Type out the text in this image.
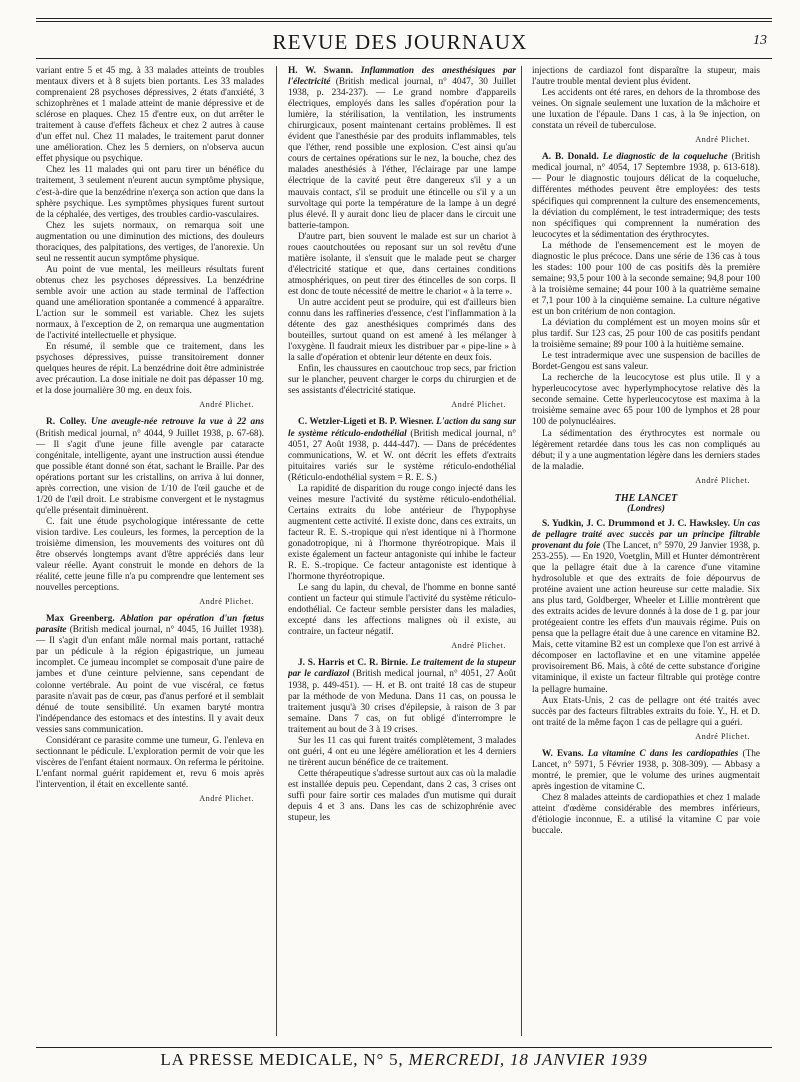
REVUE DES JOURNAUX	13

variant entre 5 et 45 mg. à 33 malades atteints de troubles mentaux divers et à 8 sujets bien portants. Les 33 malades comprenaient 28 psychoses dépressives, 2 états d'anxiété, 3 schizophrènes et 1 malade atteint de manie dépressive et de sclérose en plaques. Chez 15 d'entre eux, on dut arrêter le traitement à cause d'effets fâcheux et chez 2 autres à cause d'un effet nul. Chez 11 malades, le traitement parut donner une amélioration. Chez les 5 derniers, on n'observa aucun effet physique ou psychique.

Chez les 11 malades qui ont paru tirer un bénéfice du traitement, 3 seulement n'eurent aucun symptôme physique, c'est-à-dire que la benzédrine n'exerça son action que dans la sphère psychique. Les symptômes physiques furent surtout de la céphalée, des vertiges, des troubles cardio-vasculaires.

Chez les sujets normaux, on remarqua soit une augmentation ou une diminution des mictions, des douleurs thoraciques, des palpitations, des vertiges, de l'anorexie. Un seul ne ressentit aucun symptôme physique.

Au point de vue mental, les meilleurs résultats furent obtenus chez les psychoses dépressives. La benzédrine semble avoir une action au stade terminal de l'affection quand une amélioration spontanée a commencé à apparaître. L'action sur le sommeil est variable. Chez les sujets normaux, à l'exception de 2, on remarqua une augmentation de l'activité intellectuelle et physique.

En résumé, il semble que ce traitement, dans les psychoses dépressives, puisse transitoirement donner quelques heures de répit. La benzédrine doit être administrée avec précaution. La dose initiale ne doit pas dépasser 10 mg. et la dose journalière 30 mg. en deux fois.

André Plichet.

R. Colley. Une aveugle-née retrouve la vue à 22 ans (British medical journal, n° 4044, 9 Juillet 1938, p. 67-68). — Il s'agit d'une jeune fille avengle par cataracte congénitale, intelligente, ayant une instruction aussi étendue que possible étant donné son état, sachant le Braille. Par des opérations portant sur les cristallins, on arriva à lui donner, après correction, une vision de 1/10 de l'œil gauche et de 1/20 de l'œil droit. Le strabisme convergent et le nystagmus qu'elle présentait diminuèrent.

C. fait une étude psychologique intéressante de cette vision tardive. Les couleurs, les formes, la perception de la troisième dimension, les mouvements des voitures ont dû être observés longtemps avant d'être appréciés dans leur valeur réelle. Ayant construit le monde en dehors de la réalité, cette jeune fille n'a pu comprendre que lentement ses nouvelles perceptions.

André Plichet.

Max Greenberg. Ablation par opération d'un fœtus parasite (British medical journal, n° 4045, 16 Juillet 1938). — Il s'agit d'un enfant mâle normal mais portant, rattaché par un pédicule à la région épigastrique, un jumeau incomplet. Ce jumeau incomplet se composait d'une paire de jambes et d'une ceinture pelvienne, sans cependant de colonne vertébrale. Au point de vue viscéral, ce fœtus parasite n'avait pas de cœur, pas d'anus perforé et il semblait dénué de toute sensibilité. Un examen baryté montra l'indépendance des estomacs et des intestins. Il y avait deux vessies sans communication.

Considérant ce parasite comme une tumeur, G. l'enleva en sectionnant le pédicule. L'exploration permit de voir que les viscères de l'enfant étaient normaux. On referma le péritoine. L'enfant normal guérit rapidement et, revu 6 mois après l'intervention, il était en excellente santé.

André Plichet.

H. W. Swann. Inflammation des anesthésiques par l'électricité (British medical journal, n° 4047, 30 Juillet 1938, p. 234-237). — Le grand nombre d'appareils électriques, employés dans les salles d'opération pour la lumière, la stérilisation, la ventilation, les instruments chirurgicaux, posent maintenant certains problèmes. Il est évident que l'anesthésie par des produits inflammables, tels que l'éther, rend possible une explosion. C'est ainsi qu'au cours de certaines opérations sur le nez, la bouche, chez des malades anesthésiés à l'éther, l'éclairage par une lampe électrique de la cavité peut être dangereux s'il y a un mauvais contact, s'il se produit une étincelle ou s'il y a un survoltage qui porte la température de la lampe à un degré plus élevé. Il y aurait donc lieu de placer dans le circuit une batterie-tampon.

D'autre part, bien souvent le malade est sur un chariot à roues caoutchoutées ou reposant sur un sol revêtu d'une matière isolante, il s'ensuit que le malade peut se charger d'électricité statique et que, dans certaines conditions atmosphériques, on peut tirer des étincelles de son corps. Il est donc de toute nécessité de mettre le chariot « à la terre ».

Un autre accident peut se produire, qui est d'ailleurs bien connu dans les raffineries d'essence, c'est l'inflammation à la détente des gaz anesthésiques comprimés dans des bouteilles, surtout quand on est amené à les mélanger à l'oxygène. Il faudrait mieux les distribuer par « pipe-line » à la salle d'opération et obtenir leur détente en deux fois.

Enfin, les chaussures en caoutchouc trop secs, par friction sur le plancher, peuvent charger le corps du chirurgien et de ses assistants d'électricité statique.

André Plichet.

C. Wetzler-Ligeti et B. P. Wiesner. L'action du sang sur le système réticulo-endothélial (British medical journal, n° 4051, 27 Août 1938, p. 444-447). — Dans de précédentes communications, W. et W. ont décrit les effets d'extraits pituitaires variés sur le système réticulo-endothélial (Réticulo-endothélial system = R. E. S.)

La rapidité de disparition du rouge congo injecté dans les veines mesure l'activité du système réticulo-endothélial. Certains extraits du lobe antérieur de l'hypophyse augmentent cette activité. Il existe donc, dans ces extraits, un facteur R. E. S.-tropique qui n'est identique ni à l'hormone gonadotropique, ni à l'hormone thyréotropique. Mais il existe également un facteur antagoniste qui inhibe le facteur R. E. S.-tropique. Ce facteur antagoniste est identique à l'hormone thyréotropique.

Le sang du lapin, du cheval, de l'homme en bonne santé contient un facteur qui stimule l'activité du système réticulo-endothélial. Ce facteur semble persister dans les maladies, excepté dans les affections malignes où il existe, au contraire, un facteur négatif.

André Plichet.

J. S. Harris et C. R. Birnie. Le traitement de la stupeur par le cardiazol (British medical journal, n° 4051, 27 Août 1938, p. 449-451). — H. et B. ont traité 18 cas de stupeur par la méthode de von Meduna. Dans 11 cas, on poussa le traitement jusqu'à 30 crises d'épilepsie, à raison de 3 par semaine. Dans 7 cas, on fut obligé d'interrompre le traitement au bout de 3 à 19 crises.

Sur les 11 cas qui furent traités complètement, 3 malades ont guéri, 4 ont eu une légère amélioration et les 4 derniers ne tirèrent aucun bénéfice de ce traitement.

Cette thérapeutique s'adresse surtout aux cas où la maladie est installée depuis peu. Cependant, dans 2 cas, 3 crises ont suffi pour faire sortir ces malades d'un mutisme qui durait depuis 4 et 3 ans. Dans les cas de schizophrénie avec stupeur, les

injections de cardiazol font disparaître la stupeur, mais l'autre trouble mental devient plus évident.

Les accidents ont été rares, en dehors de la thrombose des veines. On signale seulement une luxation de la mâchoire et une luxation de l'épaule. Dans 1 cas, à la 9e injection, on constata un réveil de tuberculose.

André Plichet.

A. B. Donald. Le diagnostic de la coqueluche (British medical journal, n° 4054, 17 Septembre 1938, p. 613-618). — Pour le diagnostic toujours délicat de la coqueluche, différentes méthodes peuvent être employées: des tests spécifiques qui comprennent la culture des ensemencements, la déviation du complément, le test intradermique; des tests non spécifiques qui comprennent la numération des leucocytes et la sédimentation des érythrocytes.

La méthode de l'ensemencement est le moyen de diagnostic le plus précoce. Dans une série de 136 cas à tous les stades: 100 pour 100 de cas positifs dès la première semaine; 93,5 pour 100 à la seconde semaine; 94,8 pour 100 à la troisième semaine; 44 pour 100 à la quatrième semaine et 7,1 pour 100 à la cinquième semaine. La culture négative est un bon critérium de non contagion.

La déviation du complément est un moyen moins sûr et plus tardif. Sur 123 cas, 25 pour 100 de cas positifs pendant la troisième semaine; 89 pour 100 à la huitième semaine.

Le test intradermique avec une suspension de bacilles de Bordet-Gengou est sans valeur.

La recherche de la leucocytose est plus utile. Il y a hyperleucocytose avec hyperlymphocytose relative dès la seconde semaine. Cette hyperleucocytose est maxima à la troisième semaine avec 65 pour 100 de lymphos et 28 pour 100 de polynucléaires.

La sédimentation des érythrocytes est normale ou légèrement retardée dans tous les cas non compliqués au début; il y a une augmentation légère dans les derniers stades de la maladie.

André Plichet.

THE LANCET
(Londres)

S. Yudkin, J. C. Drummond et J. C. Hawksley. Un cas de pellagre traité avec succès par un principe filtrable provenant du foie (The Lancet, n° 5970, 29 Janvier 1938, p. 253-255). — En 1920, Voetglin, Mill et Hunter démontrèrent que la pellagre était due à la carence d'une vitamine hydrosoluble et que des extraits de foie dépourvus de protéine avaient une action heureuse sur cette maladie. Six ans plus tard, Goldberger, Wheeler et Lillie montrèrent que des extraits acides de levure donnés à la dose de 1 g. par jour protégeaient contre les effets d'un mauvais régime. Puis on pensa que la pellagre était due à une carence en vitamine B2. Mais, cette vitamine B2 est un complexe que l'on est arrivé à décomposer en lactoflavine et en une vitamine appelée provisoirement B6. Mais, à côté de cette substance d'origine vitaminique, il existe un facteur filtrable qui protège contre la pellagre humaine.

Aux Etats-Unis, 2 cas de pellagre ont été traités avec succès par des facteurs filtrables extraits du foie. Y., H. et D. ont traité de la même façon 1 cas de pellagre qui a guéri.

André Plichet.

W. Evans. La vitamine C dans les cardiopathies (The Lancet, n° 5971, 5 Février 1938, p. 308-309). — Abbasy a montré, le premier, que le volume des urines augmentait après ingestion de vitamine C.

Chez 8 malades atteints de cardiopathies et chez 1 malade atteint d'œdème considérable des membres inférieurs, d'étiologie inconnue, E. a utilisé la vitamine C par voie buccale.

LA PRESSE MEDICALE, N° 5, MERCREDI, 18 JANVIER 1939
